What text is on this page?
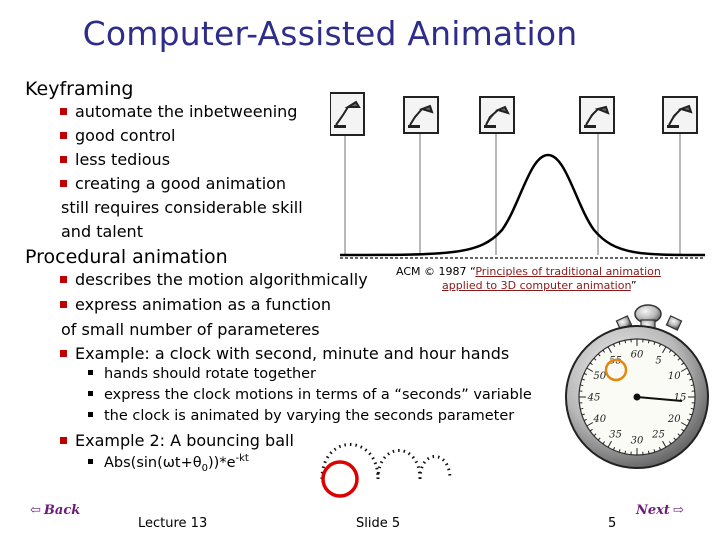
Computer-Assisted Animation
Keyframing
automate the inbetweening
good control
less tedious
creating a good animation
still requires considerable skill
and talent
ACM © 1987 “Principles of traditional animation
applied to 3D computer animation”
Procedural animation
describes the motion algorithmically
express animation as a function
of small number of parameteres
Example: a clock with second, minute and hour hands
hands should rotate together
express the clock motions in terms of a “seconds” variable
the clock is animated by varying the seconds parameter
Example 2: A bouncing ball
$Abs(\sin(\omega t+\theta_0))*e^{-kt}$
5
10
15
20
25
30
35
40
45
50
55
60
⇦ Back
Lecture 13	Slide 5	5
Next ⇨
